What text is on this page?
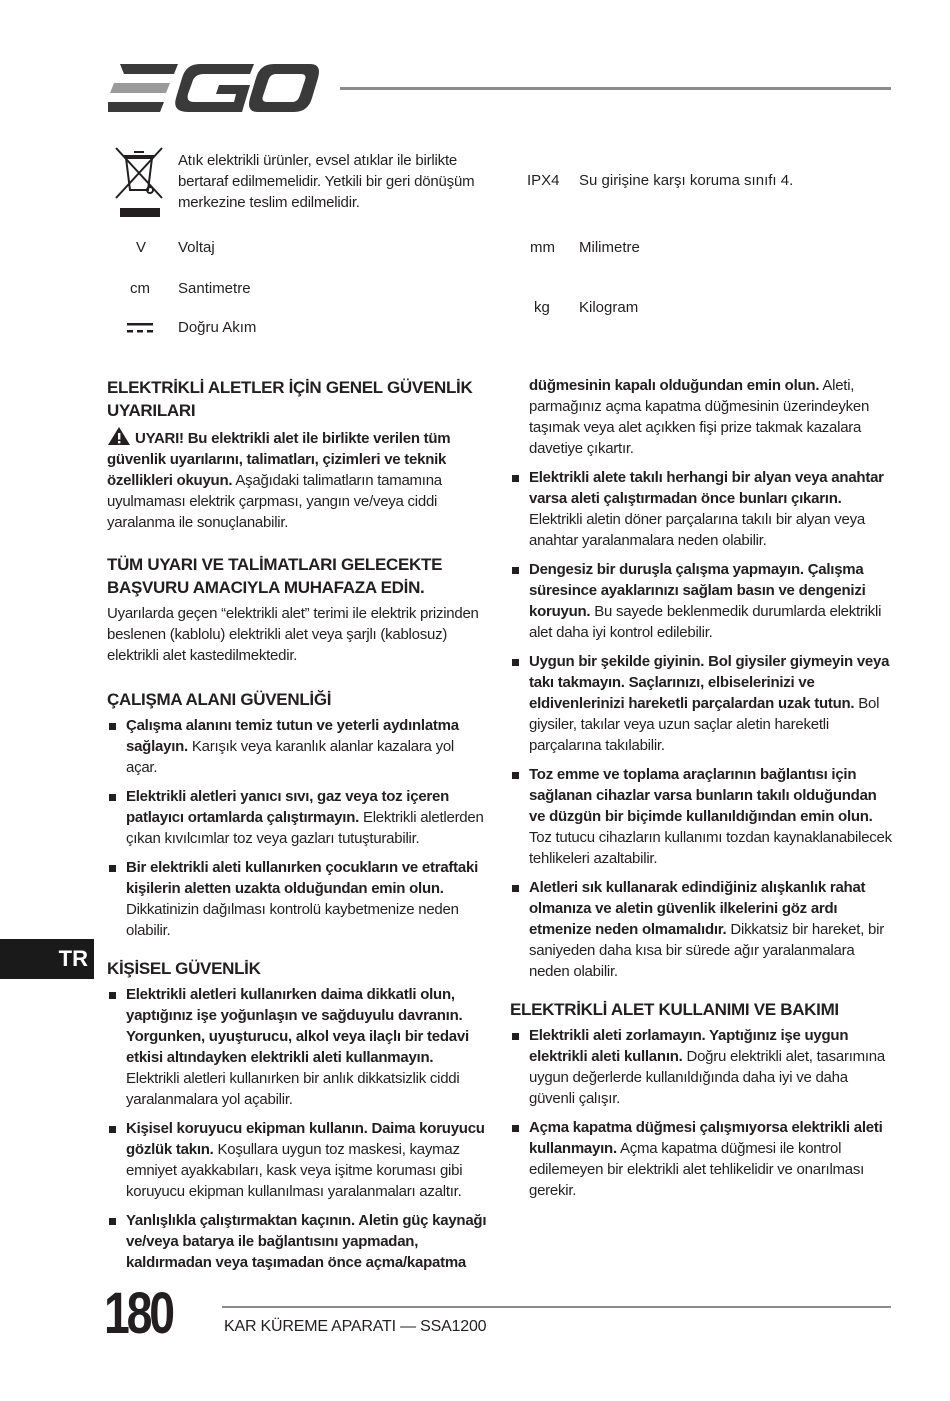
Atık elektrikli ürünler, evsel atıklar ile birlikte
bertaraf edilmemelidir. Yetkili bir geri dönüşüm
merkezine teslim edilmelidir.
IPX4 Su girişine karşı koruma sınıfı 4.
V Voltaj	mm Milimetre
cm Santimetre
kg Kilogram
Doğru Akım
ELEKTRİKLİ ALETLER İÇİN GENEL GÜVENLİK
UYARILARI

UYARI! Bu elektrikli alet ile birlikte verilen tüm güvenlik uyarılarını, talimatları, çizimleri ve teknik özellikleri okuyun. Aşağıdaki talimatların tamamına uyulmaması elektrik çarpması, yangın ve/veya ciddi yaralanma ile sonuçlanabilir.

TÜM UYARI VE TALİMATLARI GELECEKTE
BAŞVURU AMACIYLA MUHAFAZA EDİN.

Uyarılarda geçen “elektrikli alet” terimi ile elektrik prizinden beslenen (kablolu) elektrikli alet veya şarjlı (kablosuz) elektrikli alet kastedilmektedir.

ÇALIŞMA ALANI GÜVENLİĞİ
Çalışma alanını temiz tutun ve yeterli aydınlatma sağlayın. Karışık veya karanlık alanlar kazalara yol açar.
Elektrikli aletleri yanıcı sıvı, gaz veya toz içeren patlayıcı ortamlarda çalıştırmayın. Elektrikli aletlerden çıkan kıvılcımlar toz veya gazları tutuşturabilir.
Bir elektrikli aleti kullanırken çocukların ve etraftaki kişilerin aletten uzakta olduğundan emin olun. Dikkatinizin dağılması kontrolü kaybetmenize neden olabilir.
KİŞİSEL GÜVENLİK
Elektrikli aletleri kullanırken daima dikkatli olun, yaptığınız işe yoğunlaşın ve sağduyulu davranın. Yorgunken, uyuşturucu, alkol veya ilaçlı bir tedavi etkisi altındayken elektrikli aleti kullanmayın. Elektrikli aletleri kullanırken bir anlık dikkatsizlik ciddi yaralanmalara yol açabilir.
Kişisel koruyucu ekipman kullanın. Daima koruyucu gözlük takın. Koşullara uygun toz maskesi, kaymaz emniyet ayakkabıları, kask veya işitme koruması gibi koruyucu ekipman kullanılması yaralanmaları azaltır.
Yanlışlıkla çalıştırmaktan kaçının. Aletin güç kaynağı ve/veya batarya ile bağlantısını yapmadan, kaldırmadan veya taşımadan önce açma/kapatma
düğmesinin kapalı olduğundan emin olun. Aleti, parmağınız açma kapatma düğmesinin üzerindeyken taşımak veya alet açıkken fişi prize takmak kazalara davetiye çıkartır.
Elektrikli alete takılı herhangi bir alyan veya anahtar varsa aleti çalıştırmadan önce bunları çıkarın. Elektrikli aletin döner parçalarına takılı bir alyan veya anahtar yaralanmalara neden olabilir.
Dengesiz bir duruşla çalışma yapmayın. Çalışma süresince ayaklarınızı sağlam basın ve dengenizi koruyun. Bu sayede beklenmedik durumlarda elektrikli alet daha iyi kontrol edilebilir.
Uygun bir şekilde giyinin. Bol giysiler giymeyin veya takı takmayın. Saçlarınızı, elbiselerinizi ve eldivenlerinizi hareketli parçalardan uzak tutun. Bol giysiler, takılar veya uzun saçlar aletin hareketli parçalarına takılabilir.
Toz emme ve toplama araçlarının bağlantısı için sağlanan cihazlar varsa bunların takılı olduğundan ve düzgün bir biçimde kullanıldığından emin olun. Toz tutucu cihazların kullanımı tozdan kaynaklanabilecek tehlikeleri azaltabilir.
Aletleri sık kullanarak edindiğiniz alışkanlık rahat olmanıza ve aletin güvenlik ilkelerini göz ardı etmenize neden olmamalıdır. Dikkatsiz bir hareket, bir saniyeden daha kısa bir sürede ağır yaralanmalara neden olabilir.
ELEKTRİKLİ ALET KULLANIMI VE BAKIMI
Elektrikli aleti zorlamayın. Yaptığınız işe uygun elektrikli aleti kullanın. Doğru elektrikli alet, tasarımına uygun değerlerde kullanıldığında daha iyi ve daha güvenli çalışır.
Açma kapatma düğmesi çalışmıyorsa elektrikli aleti kullanmayın. Açma kapatma düğmesi ile kontrol edilemeyen bir elektrikli alet tehlikelidir ve onarılması gerekir.
TR
180	KAR KÜREME APARATI — SSA1200
